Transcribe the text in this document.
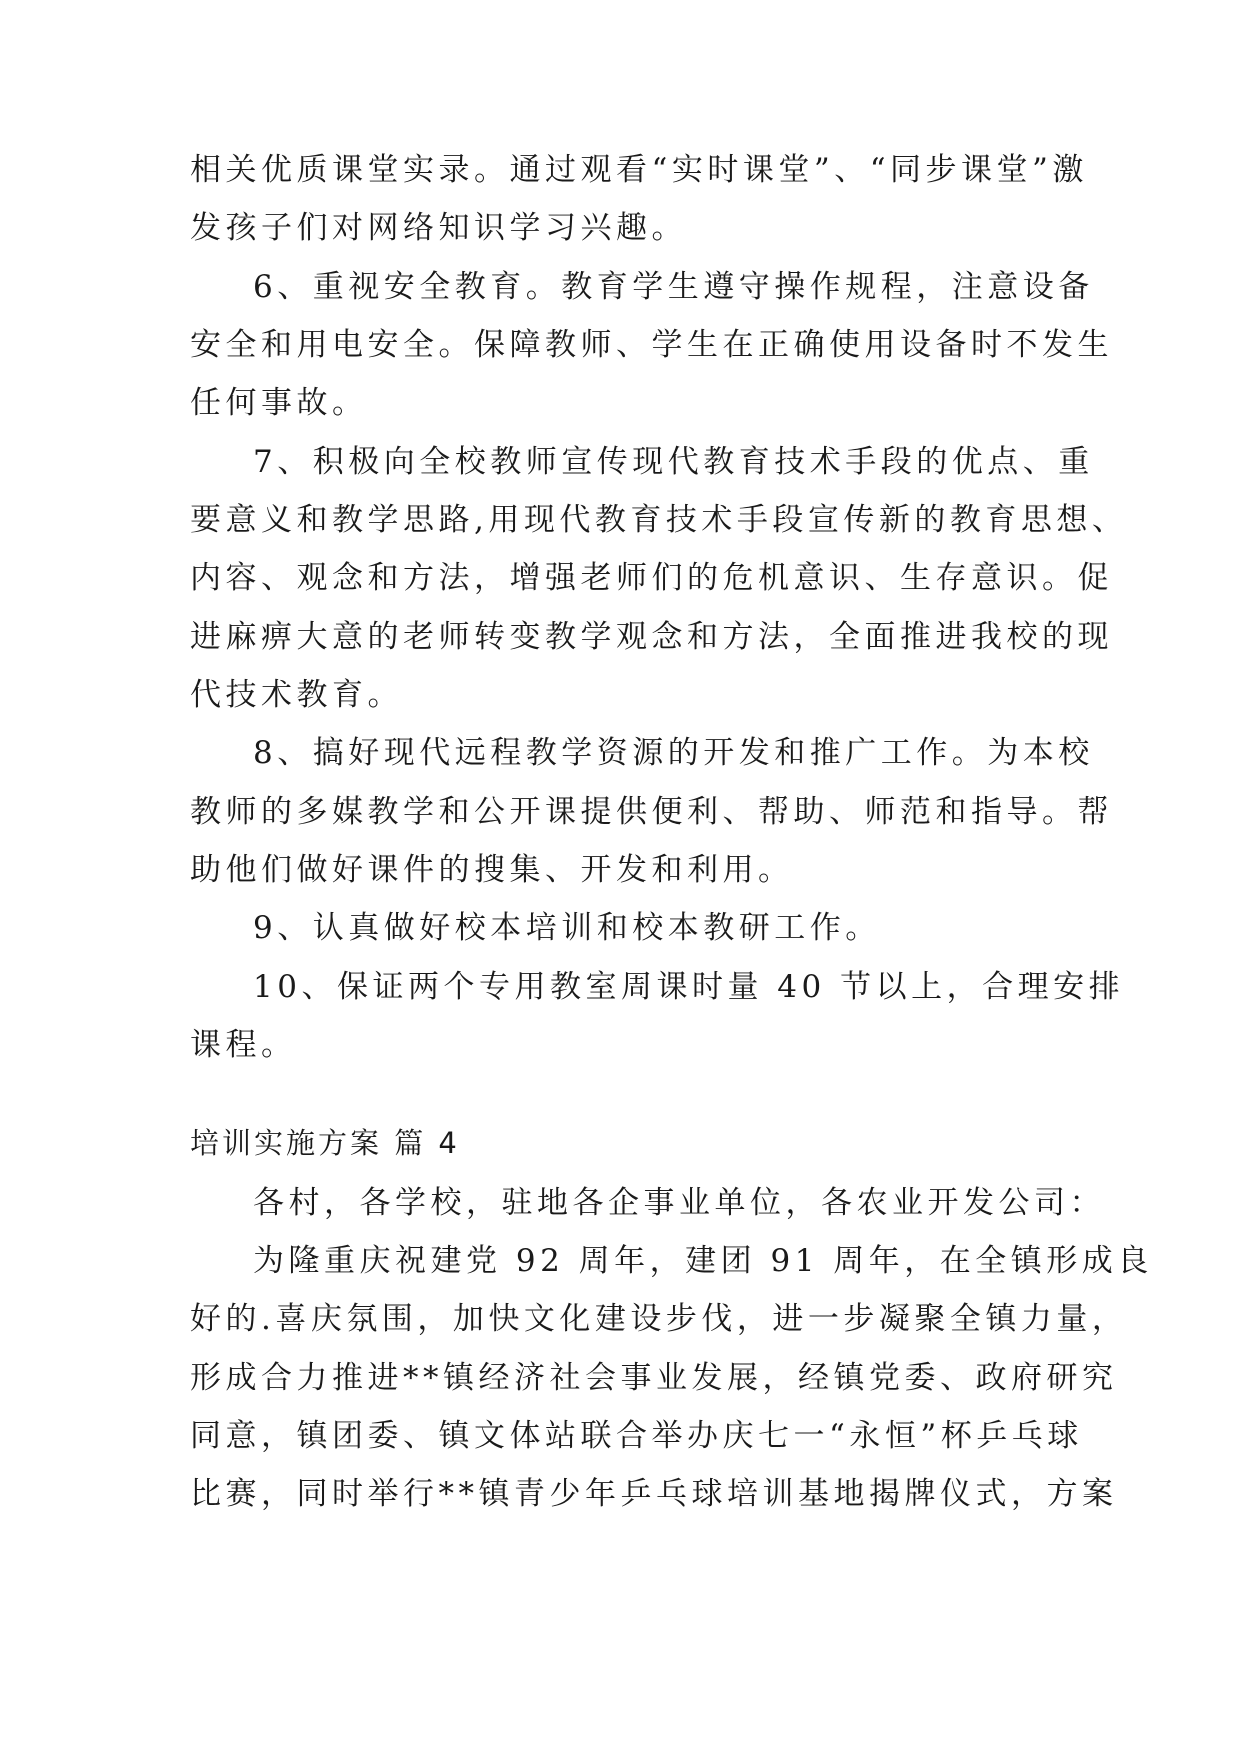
相关优质课堂实录。通过观看“实时课堂”、“同步课堂”激

发孩子们对网络知识学习兴趣。

6、重视安全教育。教育学生遵守操作规程，注意设备

安全和用电安全。保障教师、学生在正确使用设备时不发生

任何事故。

7、积极向全校教师宣传现代教育技术手段的优点、重

要意义和教学思路,用现代教育技术手段宣传新的教育思想、

内容、观念和方法，增强老师们的危机意识、生存意识。促

进麻痹大意的老师转变教学观念和方法，全面推进我校的现

代技术教育。

8、搞好现代远程教学资源的开发和推广工作。为本校

教师的多媒教学和公开课提供便利、帮助、师范和指导。帮

助他们做好课件的搜集、开发和利用。

9、认真做好校本培训和校本教研工作。

10、保证两个专用教室周课时量 40 节以上，合理安排

课程。

培训实施方案 篇 4

各村，各学校，驻地各企事业单位，各农业开发公司：

为隆重庆祝建党 92 周年，建团 91 周年，在全镇形成良

好的.喜庆氛围，加快文化建设步伐，进一步凝聚全镇力量，

形成合力推进**镇经济社会事业发展，经镇党委、政府研究

同意，镇团委、镇文体站联合举办庆七一“永恒”杯乒乓球

比赛，同时举行**镇青少年乒乓球培训基地揭牌仪式，方案
